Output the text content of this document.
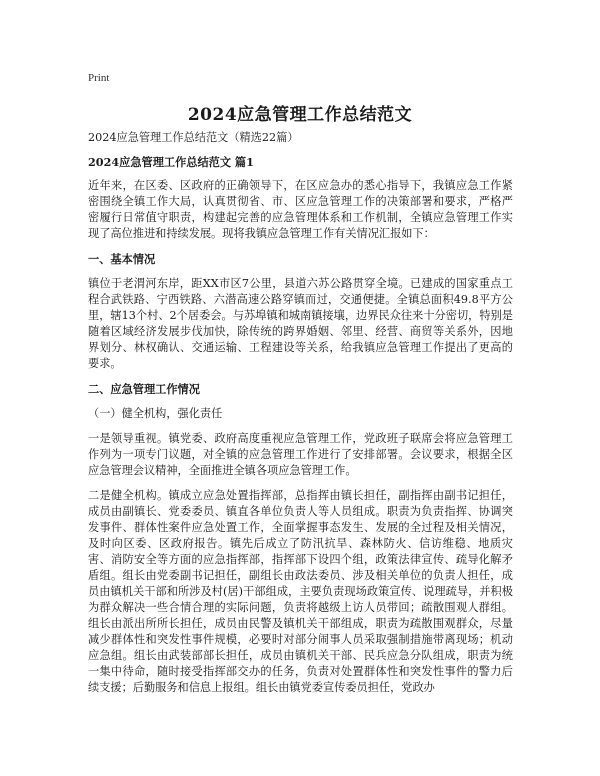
Print
2024应急管理工作总结范文

2024应急管理工作总结范文（精选22篇）

2024应急管理工作总结范文 篇1

近年来，在区委、区政府的正确领导下，在区应急办的悉心指导下，我镇应急工作紧密围绕全镇工作大局，认真贯彻省、市、区应急管理工作的决策部署和要求，严格严密履行日常值守职责，构建起完善的应急管理体系和工作机制，全镇应急管理工作实现了高位推进和持续发展。现将我镇应急管理工作有关情况汇报如下：

一、基本情况

镇位于老渭河东岸，距XX市区7公里，县道六苏公路贯穿全境。已建成的国家重点工程合武铁路、宁西铁路、六潜高速公路穿镇而过，交通便捷。全镇总面积49.8平方公里，辖13个村、2个居委会。与苏埠镇和城南镇接壤，边界民众往来十分密切，特别是随着区域经济发展步伐加快，除传统的跨界婚姻、邻里、经营、商贸等关系外，因地界划分、林权确认、交通运输、工程建设等关系，给我镇应急管理工作提出了更高的要求。

二、应急管理工作情况

（一）健全机构，强化责任

一是领导重视。镇党委、政府高度重视应急管理工作，党政班子联席会将应急管理工作列为一项专门议题，对全镇的应急管理工作进行了安排部署。会议要求，根据全区应急管理会议精神，全面推进全镇各项应急管理工作。

二是健全机构。镇成立应急处置指挥部，总指挥由镇长担任，副指挥由副书记担任，成员由副镇长、党委委员、镇直各单位负责人等人员组成。职责为负责指挥、协调突发事件、群体性案件应急处置工作，全面掌握事态发生、发展的全过程及相关情况，及时向区委、区政府报告。镇先后成立了防汛抗旱、森林防火、信访维稳、地质灾害、消防安全等方面的应急指挥部，指挥部下设四个组，政策法律宣传、疏导化解矛盾组。组长由党委副书记担任，副组长由政法委员、涉及相关单位的负责人担任，成员由镇机关干部和所涉及村(居)干部组成，主要负责现场政策宣传、说理疏导，并积极为群众解决一些合情合理的实际问题，负责将越级上访人员带回；疏散围观人群组。组长由派出所所长担任，成员由民警及镇机关干部组成，职责为疏散围观群众，尽量减少群体性和突发性事件规模，必要时对部分闹事人员采取强制措施带离现场；机动应急组。组长由武装部部长担任，成员由镇机关干部、民兵应急分队组成，职责为统一集中待命，随时接受指挥部交办的任务，负责对处置群体性和突发性事件的警力后续支援；后勤服务和信息上报组。组长由镇党委宣传委员担任，党政办
